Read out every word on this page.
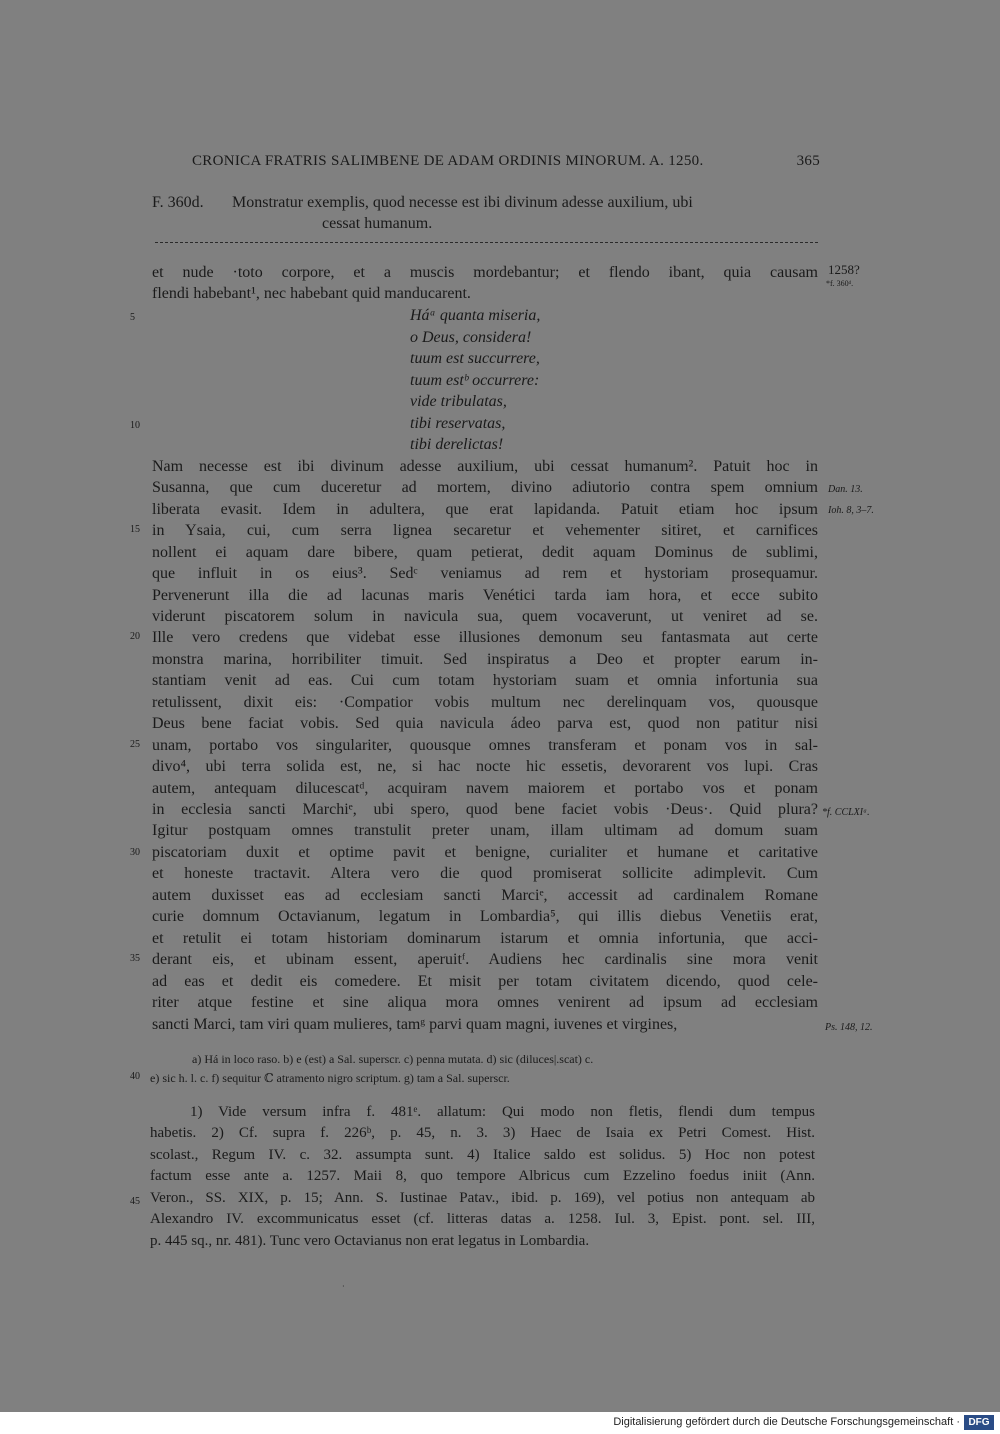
CRONICA FRATRIS SALIMBENE DE ADAM ORDINIS MINORUM. A. 1250.	365
F. 360d. Monstratur exemplis, quod necesse est ibi divinum adesse auxilium, ubi
cessat humanum.
et nude ·toto corpore, et a muscis mordebantur; et flendo ibant, quia causam
flendi habebant¹, nec habebant quid manducarent.
Nam necesse est ibi divinum adesse auxilium, ubi cessat humanum². Patuit hoc in
Susanna, que cum duceretur ad mortem, divino adiutorio contra spem omnium
liberata evasit. Idem in adultera, que erat lapidanda. Patuit etiam hoc ipsum
in Ysaia, cui, cum serra lignea secaretur et vehementer sitiret, et carnifices
nollent ei aquam dare bibere, quam petierat, dedit aquam Dominus de sublimi,
que influit in os eius³. Sedᶜ veniamus ad rem et hystoriam prosequamur.
Pervenerunt illa die ad lacunas maris Venétici tarda iam hora, et ecce subito
viderunt piscatorem solum in navicula sua, quem vocaverunt, ut veniret ad se.
Ille vero credens que videbat esse illusiones demonum seu fantasmata aut certe
monstra marina, horribiliter timuit. Sed inspiratus a Deo et propter earum in-
stantiam venit ad eas. Cui cum totam hystoriam suam et omnia infortunia sua
retulissent, dixit eis: ·Compatior vobis multum nec derelinquam vos, quousque
Deus bene faciat vobis. Sed quia navicula ádeo parva est, quod non patitur nisi
unam, portabo vos singulariter, quousque omnes transferam et ponam vos in sal-
divo⁴, ubi terra solida est, ne, si hac nocte hic essetis, devorarent vos lupi. Cras
autem, antequam dilucescatᵈ, acquiram navem maiorem et portabo vos et ponam
in ecclesia sancti Marchiᵉ, ubi spero, quod bene faciet vobis ·Deus·. Quid plura?
Igitur postquam omnes transtulit preter unam, illam ultimam ad domum suam
piscatoriam duxit et optime pavit et benigne, curialiter et humane et caritative
et honeste tractavit. Altera vero die quod promiserat sollicite adimplevit. Cum
autem duxisset eas ad ecclesiam sancti Marciᵉ, accessit ad cardinalem Romane
curie domnum Octavianum, legatum in Lombardia⁵, qui illis diebus Venetiis erat,
et retulit ei totam historiam dominarum istarum et omnia infortunia, que acci-
derant eis, et ubinam essent, aperuitᶠ. Audiens hec cardinalis sine mora venit
ad eas et dedit eis comedere. Et misit per totam civitatem dicendo, quod cele-
riter atque festine et sine aliqua mora omnes venirent ad ipsum ad ecclesiam
sancti Marci, tam viri quam mulieres, tamᵍ parvi quam magni, iuvenes et virgines,
Háᵃ quanta miseria,
o Deus, considera!
tuum est succurrere,
tuum estᵇ occurrere:
vide tribulatas,
tibi reservatas,
tibi derelictas!
5
10
15
20
25
30
35
40
45
1258?
*f. 360ᵈ.
Dan. 13.
Ioh. 8, 3–7.
*f. CCLXIᵃ.
Ps. 148, 12.
a) Há in loco raso. b) e (est) a Sal. superscr. c) penna mutata. d) sic (diluces|.scat) c.
e) sic h. l. c. f) sequitur ℂ atramento nigro scriptum. g) tam a Sal. superscr.
1) Vide versum infra f. 481ᵉ. allatum: Qui modo non fletis, flendi dum tempus
habetis. 2) Cf. supra f. 226ᵇ, p. 45, n. 3. 3) Haec de Isaia ex Petri Comest. Hist.
scolast., Regum IV. c. 32. assumpta sunt. 4) Italice saldo est solidus. 5) Hoc non potest
factum esse ante a. 1257. Maii 8, quo tempore Albricus cum Ezzelino foedus iniit (Ann.
Veron., SS. XIX, p. 15; Ann. S. Iustinae Patav., ibid. p. 169), vel potius non antequam ab
Alexandro IV. excommunicatus esset (cf. litteras datas a. 1258. Iul. 3, Epist. pont. sel. III,
p. 445 sq., nr. 481). Tunc vero Octavianus non erat legatus in Lombardia.
·
Digitalisierung gefördert durch die Deutsche Forschungsgemeinschaft · DFG
